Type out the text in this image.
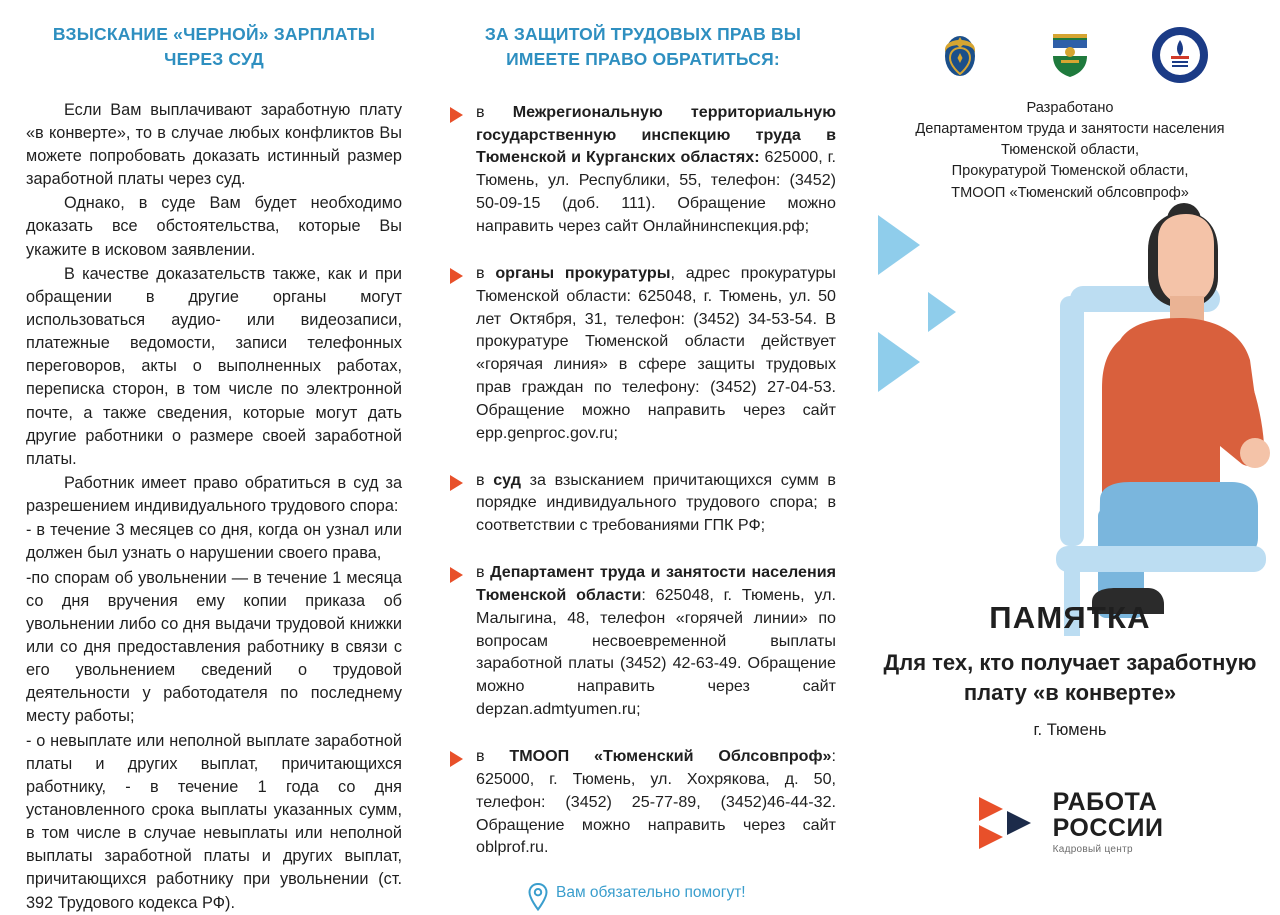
ВЗЫСКАНИЕ «ЧЕРНОЙ» ЗАРПЛАТЫ ЧЕРЕЗ СУД

Если Вам выплачивают заработную плату «в конверте», то в случае любых конфликтов Вы можете попробовать доказать истинный размер заработной платы через суд.

Однако, в суде Вам будет необходимо доказать все обстоятельства, которые Вы укажите в исковом заявлении.

В качестве доказательств также, как и при обращении в другие органы могут использоваться аудио- или видеозаписи, платежные ведомости, записи телефонных переговоров, акты о выполненных работах, переписка сторон, в том числе по электронной почте, а также сведения, которые могут дать другие работники о размере своей заработной платы.

Работник имеет право обратиться в суд за разрешением индивидуального трудового спора:

- в течение 3 месяцев со дня, когда он узнал или должен был узнать о нарушении своего права,

-по спорам об увольнении — в течение 1 месяца со дня вручения ему копии приказа об увольнении либо со дня выдачи трудовой книжки или со дня предоставления работнику в связи с его увольнением сведений о трудовой деятельности у работодателя по последнему месту работы;

- о невыплате или неполной выплате заработной платы и других выплат, причитающихся работнику, - в течение 1 года со дня установленного срока выплаты указанных сумм, в том числе в случае невыплаты или неполной выплаты заработной платы и других выплат, причитающихся работнику при увольнении (ст. 392 Трудового кодекса РФ).

ЗА ЗАЩИТОЙ ТРУДОВЫХ ПРАВ ВЫ ИМЕЕТЕ ПРАВО ОБРАТИТЬСЯ:
в Межрегиональную территориальную государственную инспекцию труда в Тюменской и Курганских областях: 625000, г. Тюмень, ул. Республики, 55, телефон: (3452) 50-09-15 (доб. 111). Обращение можно направить через сайт Онлайнинспекция.рф;
в органы прокуратуры, адрес прокуратуры Тюменской области: 625048, г. Тюмень, ул. 50 лет Октября, 31, телефон: (3452) 34-53-54. В прокуратуре Тюменской области действует «горячая линия» в сфере защиты трудовых прав граждан по телефону: (3452) 27-04-53. Обращение можно направить через сайт epp.genproc.gov.ru;
в суд за взысканием причитающихся сумм в порядке индивидуального трудового спора; в соответствии с требованиями ГПК РФ;
в Департамент труда и занятости населения Тюменской области: 625048, г. Тюмень, ул. Малыгина, 48, телефон «горячей линии» по вопросам несвоевременной выплаты заработной платы (3452) 42-63-49. Обращение можно направить через сайт depzan.admtyumen.ru;
в ТМООП «Тюменский Облсовпроф»: 625000, г. Тюмень, ул. Хохрякова, д. 50, телефон: (3452) 25-77-89, (3452)46-44-32. Обращение можно направить через сайт oblprof.ru.
Вам обязательно помогут!
Разработано
Департаментом труда и занятости населения Тюменской области,
Прокуратурой Тюменской области,
ТМООП «Тюменский облсовпроф»
ПАМЯТКА
Для тех, кто получает заработную плату «в конверте»
г. Тюмень
РАБОТА
РОССИИ
Кадровый центр
